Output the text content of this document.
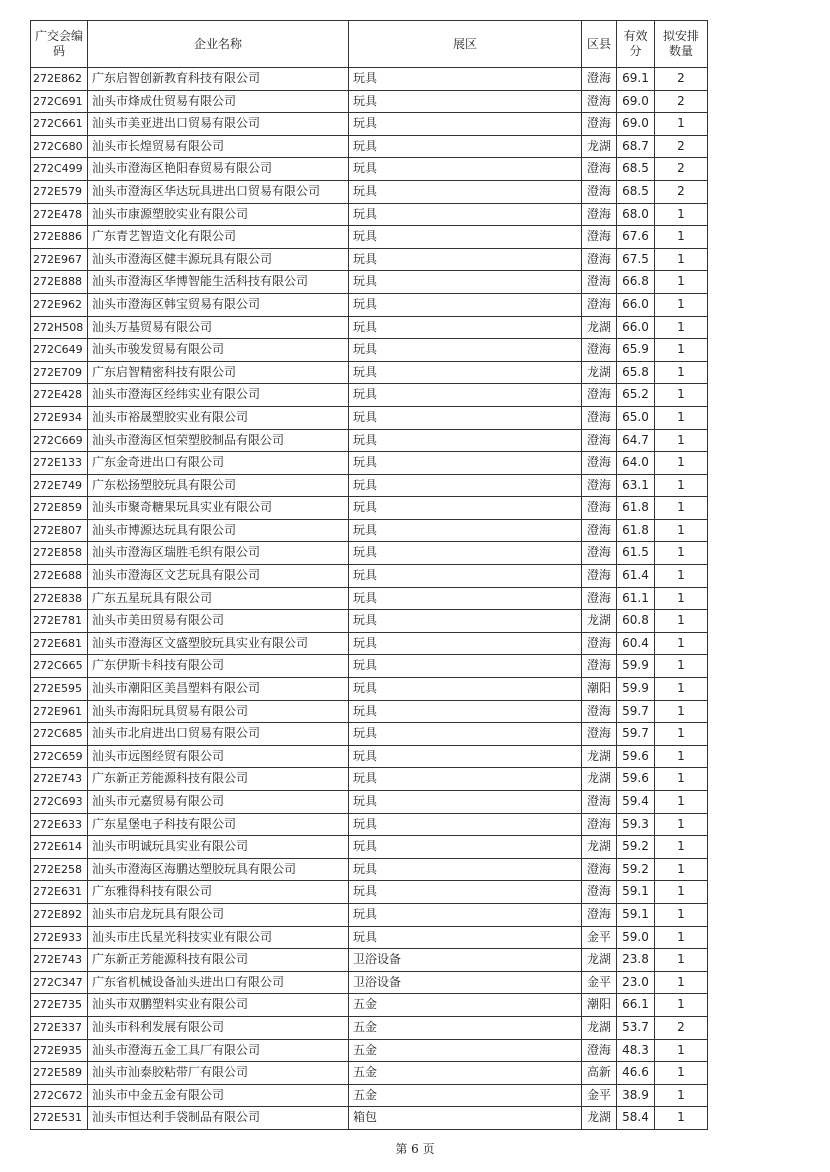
广交会编码	企业名称	展区	区县	有效分	拟安排数量
272E862	广东启智创新教育科技有限公司	玩具	澄海	69.1	2
272C691	汕头市烽成仕贸易有限公司	玩具	澄海	69.0	2
272C661	汕头市美亚进出口贸易有限公司	玩具	澄海	69.0	1
272C680	汕头市长煌贸易有限公司	玩具	龙湖	68.7	2
272C499	汕头市澄海区艳阳春贸易有限公司	玩具	澄海	68.5	2
272E579	汕头市澄海区华达玩具进出口贸易有限公司	玩具	澄海	68.5	2
272E478	汕头市康源塑胶实业有限公司	玩具	澄海	68.0	1
272E886	广东青艺智造文化有限公司	玩具	澄海	67.6	1
272E967	汕头市澄海区健丰源玩具有限公司	玩具	澄海	67.5	1
272E888	汕头市澄海区华博智能生活科技有限公司	玩具	澄海	66.8	1
272E962	汕头市澄海区韩宝贸易有限公司	玩具	澄海	66.0	1
272H508	汕头万基贸易有限公司	玩具	龙湖	66.0	1
272C649	汕头市骏发贸易有限公司	玩具	澄海	65.9	1
272E709	广东启智精密科技有限公司	玩具	龙湖	65.8	1
272E428	汕头市澄海区经纬实业有限公司	玩具	澄海	65.2	1
272E934	汕头市裕晟塑胶实业有限公司	玩具	澄海	65.0	1
272C669	汕头市澄海区恒荣塑胶制品有限公司	玩具	澄海	64.7	1
272E133	广东金奇进出口有限公司	玩具	澄海	64.0	1
272E749	广东松扬塑胶玩具有限公司	玩具	澄海	63.1	1
272E859	汕头市聚奇糖果玩具实业有限公司	玩具	澄海	61.8	1
272E807	汕头市博源达玩具有限公司	玩具	澄海	61.8	1
272E858	汕头市澄海区瑞胜毛织有限公司	玩具	澄海	61.5	1
272E688	汕头市澄海区文艺玩具有限公司	玩具	澄海	61.4	1
272E838	广东五星玩具有限公司	玩具	澄海	61.1	1
272E781	汕头市美田贸易有限公司	玩具	龙湖	60.8	1
272E681	汕头市澄海区文盛塑胶玩具实业有限公司	玩具	澄海	60.4	1
272C665	广东伊斯卡科技有限公司	玩具	澄海	59.9	1
272E595	汕头市潮阳区美昌塑料有限公司	玩具	潮阳	59.9	1
272E961	汕头市海阳玩具贸易有限公司	玩具	澄海	59.7	1
272C685	汕头市北肩进出口贸易有限公司	玩具	澄海	59.7	1
272C659	汕头市远图经贸有限公司	玩具	龙湖	59.6	1
272E743	广东新正芳能源科技有限公司	玩具	龙湖	59.6	1
272C693	汕头市元嘉贸易有限公司	玩具	澄海	59.4	1
272E633	广东星堡电子科技有限公司	玩具	澄海	59.3	1
272E614	汕头市明诚玩具实业有限公司	玩具	龙湖	59.2	1
272E258	汕头市澄海区海鹏达塑胶玩具有限公司	玩具	澄海	59.2	1
272E631	广东雅得科技有限公司	玩具	澄海	59.1	1
272E892	汕头市启龙玩具有限公司	玩具	澄海	59.1	1
272E933	汕头市庄氏星光科技实业有限公司	玩具	金平	59.0	1
272E743	广东新正芳能源科技有限公司	卫浴设备	龙湖	23.8	1
272C347	广东省机械设备汕头进出口有限公司	卫浴设备	金平	23.0	1
272E735	汕头市双鹏塑料实业有限公司	五金	潮阳	66.1	1
272E337	汕头市科利发展有限公司	五金	龙湖	53.7	2
272E935	汕头市澄海五金工具厂有限公司	五金	澄海	48.3	1
272E589	汕头市汕泰胶粘带厂有限公司	五金	高新	46.6	1
272C672	汕头市中金五金有限公司	五金	金平	38.9	1
272E531	汕头市恒达利手袋制品有限公司	箱包	龙湖	58.4	1
第 6 页
